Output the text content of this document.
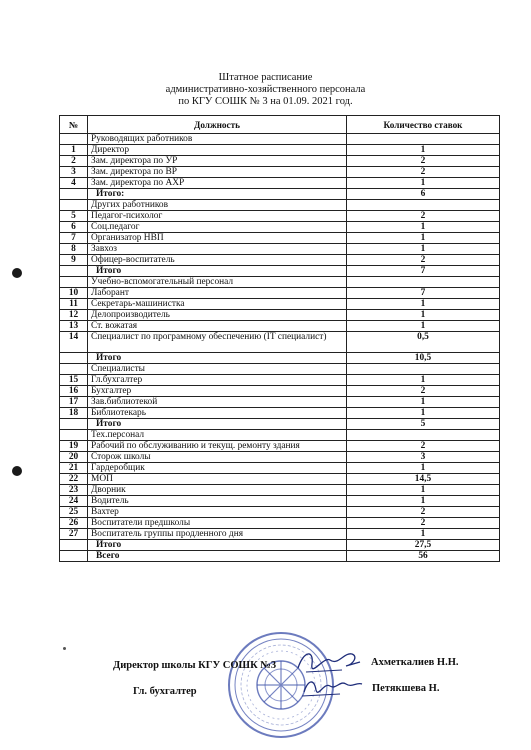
Штатное расписание
административно-хозяйственного персонала
по КГУ СОШК № 3 на 01.09. 2021 год.
№	Должность	Количество ставок
	Руководящих работников	
1	Директор	1
2	Зам. директора по УР	2
3	Зам. директора по ВР	2
4	Зам. директора по АХР	1
	Итого:	6
	Других работников	
5	Педагог-психолог	2
6	Соц.педагог	1
7	Организатор НВП	1
8	Завхоз	1
9	Офицер-воспитатель	2
	Итого	7
	Учебно-вспомогательный персонал	
10	Лаборант	7
11	Секретарь-машинистка	1
12	Делопроизводитель	1
13	Ст. вожатая	1
14	Специалист по програмному обеспечению (IT специалист)	0,5
	Итого	10,5
	Специалисты	
15	Гл.бухгалтер	1
16	Бухгалтер	2
17	Зав.библиотекой	1
18	Библиотекарь	1
	Итого	5
	Тех.персонал	
19	Рабочий по обслуживанию и текущ. ремонту здания	2
20	Сторож школы	3
21	Гардеробщик	1
22	МОП	14,5
23	Дворник	1
24	Водитель	1
25	Вахтер	2
26	Воспитатели предшколы	2
27	Воспитатель группы продленного дня	1
	Итого	27,5
	Всего	56
Директор школы КГУ СОШК №3	Ахметкалиев Н.Н.
Гл. бухгалтер	Петякшева Н.
